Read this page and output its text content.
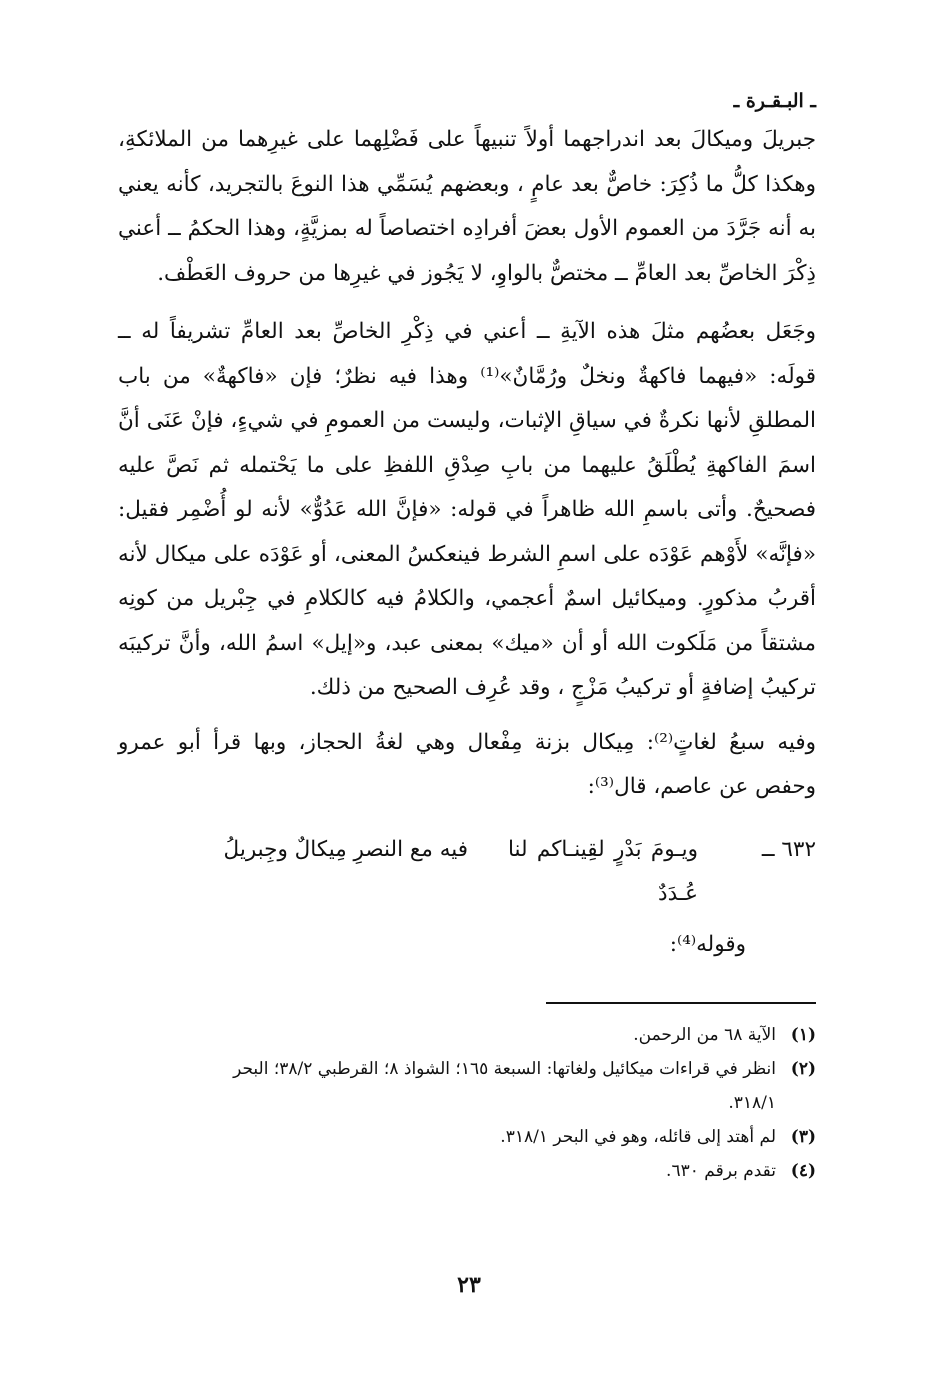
ـ البـقـرة ـ

جبريلَ وميكالَ بعد اندراجهما أولاً تنبيهاً على فَضْلِهما على غيرِهما من الملائكةِ، وهكذا كلُّ ما ذُكِرَ: خاصٌّ بعد عامٍ ، وبعضهم يُسَمِّي هذا النوعَ بالتجريد، كأنه يعني به أنه جَرَّدَ من العموم الأول بعضَ أفرادِه اختصاصاً له بمزيَّةٍ، وهذا الحكمُ ــ أعني ذِكْرَ الخاصِّ بعد العامِّ ــ مختصٌّ بالواوِ، لا يَجُوز في غيرِها من حروف العَطْف.

وجَعَل بعضُهم مثلَ هذه الآيةِ ــ أعني في ذِكْرِ الخاصِّ بعد العامِّ تشريفاً له ــ قولَه: «فيهما فاكهةٌ ونخلٌ ورُمَّانٌ»⁽¹⁾ وهذا فيه نظرٌ؛ فإن «فاكهةٌ» من باب المطلقِ لأنها نكرةٌ في سياقِ الإثبات، وليست من العمومِ في شيءٍ، فإنْ عَنَى أنَّ اسمَ الفاكهةِ يُطْلَقُ عليهما من بابِ صِدْقِ اللفظِ على ما يَحْتمله ثم نَصَّ عليه فصحيحٌ. وأتى باسمِ الله ظاهراً في قوله: «فإنَّ الله عَدُوٌّ» لأنه لو أُضْمِر فقيل: «فإنَّه» لأَوْهم عَوْدَه على اسمِ الشرط فينعكسُ المعنى، أو عَوْدَه على ميكال لأنه أقربُ مذكورٍ. وميكائيل اسمٌ أعجمي، والكلامُ فيه كالكلامِ في جِبْريل من كونِه مشتقاً من مَلَكوت الله أو أن «ميك» بمعنى عبد، و«إيل» اسمُ الله، وأنَّ تركيبَه تركيبُ إضافةٍ أو تركيبُ مَزْجٍ ، وقد عُرِف الصحيح من ذلك.

وفيه سبعُ لغاتٍ⁽²⁾: مِيكال بزنة مِفْعال وهي لغةُ الحجاز، وبها قرأ أبو عمرو وحفص عن عاصم، قال⁽³⁾:

٦٣٢ ــ
ويـومَ بَدْرٍ لقِينـاكم لنا عُـدَدٌ
فيه مع النصرِ مِيكالٌ وجِبريلُ
وقوله⁽⁴⁾:
(١)
الآية ٦٨ من الرحمن.
(٢)
انظر في قراءات ميكائيل ولغاتها: السبعة ١٦٥؛ الشواذ ٨؛ القرطبي ٣٨/٢؛ البحر
٣١٨/١.
(٣)
لم أهتد إلى قائله، وهو في البحر ٣١٨/١.
(٤)
تقدم برقم ٦٣٠.
٢٣
